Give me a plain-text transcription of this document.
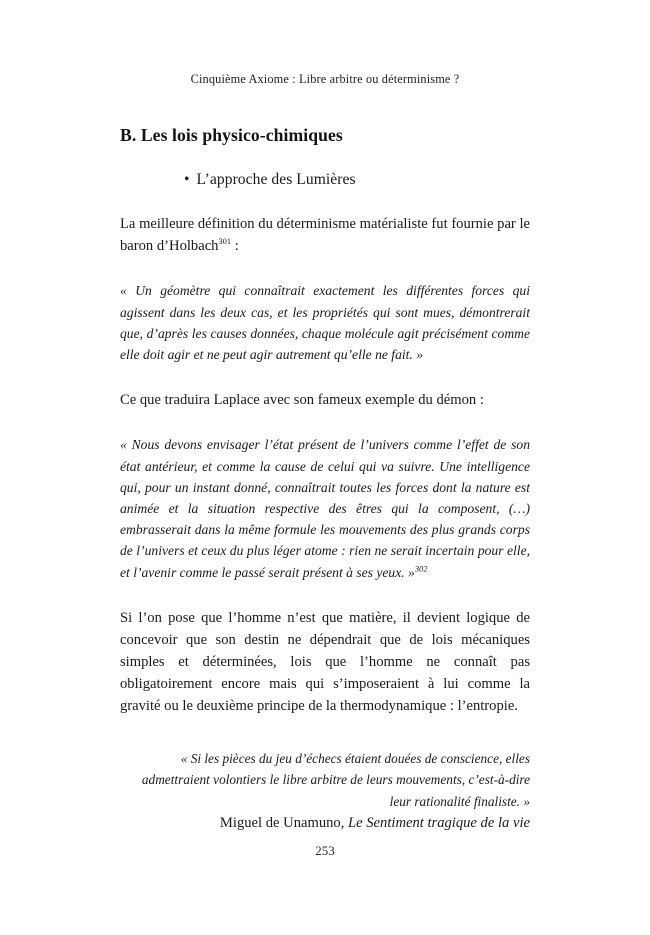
Cinquième Axiome : Libre arbitre ou déterminisme ?
B. Les lois physico-chimiques
• L’approche des Lumières

La meilleure définition du déterminisme matérialiste fut fournie par le baron d’Holbach$^{301}$ :

« Un géomètre qui connaîtrait exactement les différentes forces qui agissent dans les deux cas, et les propriétés qui sont mues, démontrerait que, d’après les causes données, chaque molécule agit précisément comme elle doit agir et ne peut agir autrement qu’elle ne fait. »

Ce que traduira Laplace avec son fameux exemple du démon :

« Nous devons envisager l’état présent de l’univers comme l’effet de son état antérieur, et comme la cause de celui qui va suivre. Une intelligence qui, pour un instant donné, connaîtrait toutes les forces dont la nature est animée et la situation respective des êtres qui la composent, (…) embrasserait dans la même formule les mouvements des plus grands corps de l’univers et ceux du plus léger atome : rien ne serait incertain pour elle, et l’avenir comme le passé serait présent à ses yeux. »$^{302}$

Si l’on pose que l’homme n’est que matière, il devient logique de concevoir que son destin ne dépendrait que de lois mécaniques simples et déterminées, lois que l’homme ne connaît pas obligatoirement encore mais qui s’imposeraient à lui comme la gravité ou le deuxième principe de la thermodynamique : l’entropie.

« Si les pièces du jeu d’échecs étaient douées de conscience, elles admettraient volontiers le libre arbitre de leurs mouvements, c’est-à-dire leur rationalité finaliste. »

Miguel de Unamuno, Le Sentiment tragique de la vie

253
